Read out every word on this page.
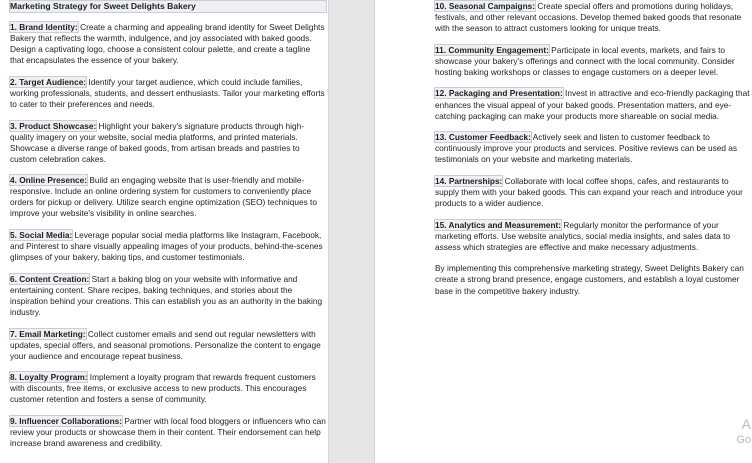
Marketing Strategy for Sweet Delights Bakery
1. Brand Identity: Create a charming and appealing brand identity for Sweet Delights Bakery that reflects the warmth, indulgence, and joy associated with baked goods. Design a captivating logo, choose a consistent colour palette, and create a tagline that encapsulates the essence of your bakery.
2. Target Audience: Identify your target audience, which could include families, working professionals, students, and dessert enthusiasts. Tailor your marketing efforts to cater to their preferences and needs.
3. Product Showcase: Highlight your bakery's signature products through high-quality imagery on your website, social media platforms, and printed materials. Showcase a diverse range of baked goods, from artisan breads and pastries to custom celebration cakes.
4. Online Presence: Build an engaging website that is user-friendly and mobile-responsive. Include an online ordering system for customers to conveniently place orders for pickup or delivery. Utilize search engine optimization (SEO) techniques to improve your website's visibility in online searches.
5. Social Media: Leverage popular social media platforms like Instagram, Facebook, and Pinterest to share visually appealing images of your products, behind-the-scenes glimpses of your bakery, baking tips, and customer testimonials.
6. Content Creation: Start a baking blog on your website with informative and entertaining content. Share recipes, baking techniques, and stories about the inspiration behind your creations. This can establish you as an authority in the baking industry.
7. Email Marketing: Collect customer emails and send out regular newsletters with updates, special offers, and seasonal promotions. Personalize the content to engage your audience and encourage repeat business.
8. Loyalty Program: Implement a loyalty program that rewards frequent customers with discounts, free items, or exclusive access to new products. This encourages customer retention and fosters a sense of community.
9. Influencer Collaborations: Partner with local food bloggers or influencers who can review your products or showcase them in their content. Their endorsement can help increase brand awareness and credibility.
10. Seasonal Campaigns: Create special offers and promotions during holidays, festivals, and other relevant occasions. Develop themed baked goods that resonate with the season to attract customers looking for unique treats.
11. Community Engagement: Participate in local events, markets, and fairs to showcase your bakery's offerings and connect with the local community. Consider hosting baking workshops or classes to engage customers on a deeper level.
12. Packaging and Presentation: Invest in attractive and eco-friendly packaging that enhances the visual appeal of your baked goods. Presentation matters, and eye-catching packaging can make your products more shareable on social media.
13. Customer Feedback: Actively seek and listen to customer feedback to continuously improve your products and services. Positive reviews can be used as testimonials on your website and marketing materials.
14. Partnerships: Collaborate with local coffee shops, cafes, and restaurants to supply them with your baked goods. This can expand your reach and introduce your products to a wider audience.
15. Analytics and Measurement: Regularly monitor the performance of your marketing efforts. Use website analytics, social media insights, and sales data to assess which strategies are effective and make necessary adjustments.
By implementing this comprehensive marketing strategy, Sweet Delights Bakery can create a strong brand presence, engage customers, and establish a loyal customer base in the competitive bakery industry.
A
Go
